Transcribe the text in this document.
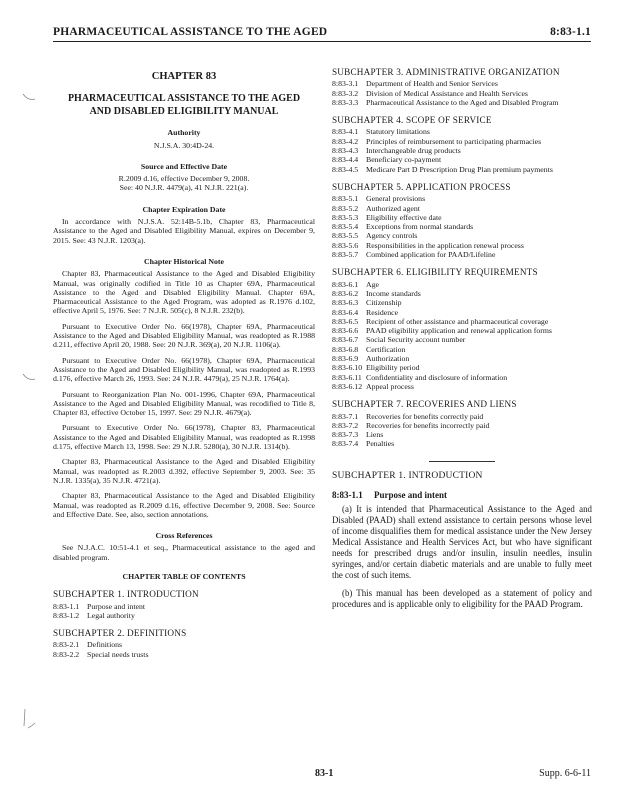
PHARMACEUTICAL ASSISTANCE TO THE AGED	8:83-1.1
CHAPTER 83
PHARMACEUTICAL ASSISTANCE TO THE AGED
AND DISABLED ELIGIBILITY MANUAL
Authority
N.J.S.A. 30:4D-24.
Source and Effective Date
R.2009 d.16, effective December 9, 2008.
See: 40 N.J.R. 4479(a), 41 N.J.R. 221(a).
Chapter Expiration Date

In accordance with N.J.S.A. 52:14B-5.1b, Chapter 83, Pharmaceutical Assistance to the Aged and Disabled Eligibility Manual, expires on December 9, 2015. See: 43 N.J.R. 1203(a).

Chapter Historical Note

Chapter 83, Pharmaceutical Assistance to the Aged and Disabled Eligibility Manual, was originally codified in Title 10 as Chapter 69A, Pharmaceutical Assistance to the Aged and Disabled Eligibility Manual. Chapter 69A, Pharmaceutical Assistance to the Aged Program, was adopted as R.1976 d.102, effective April 5, 1976. See: 7 N.J.R. 505(c), 8 N.J.R. 232(b).

Pursuant to Executive Order No. 66(1978), Chapter 69A, Pharmaceutical Assistance to the Aged and Disabled Eligibility Manual, was readopted as R.1988 d.211, effective April 20, 1988. See: 20 N.J.R. 369(a), 20 N.J.R. 1106(a).

Pursuant to Executive Order No. 66(1978), Chapter 69A, Pharmaceutical Assistance to the Aged and Disabled Eligibility Manual, was readopted as R.1993 d.176, effective March 26, 1993. See: 24 N.J.R. 4479(a), 25 N.J.R. 1764(a).

Pursuant to Reorganization Plan No. 001-1996, Chapter 69A, Pharmaceutical Assistance to the Aged and Disabled Eligibility Manual, was recodified to Title 8, Chapter 83, effective October 15, 1997. See: 29 N.J.R. 4679(a).

Pursuant to Executive Order No. 66(1978), Chapter 83, Pharmaceutical Assistance to the Aged and Disabled Eligibility Manual, was readopted as R.1998 d.175, effective March 13, 1998. See: 29 N.J.R. 5280(a), 30 N.J.R. 1314(b).

Chapter 83, Pharmaceutical Assistance to the Aged and Disabled Eligibility Manual, was readopted as R.2003 d.392, effective September 9, 2003. See: 35 N.J.R. 1335(a), 35 N.J.R. 4721(a).

Chapter 83, Pharmaceutical Assistance to the Aged and Disabled Eligibility Manual, was readopted as R.2009 d.16, effective December 9, 2008. See: Source and Effective Date. See, also, section annotations.

Cross References

See N.J.A.C. 10:51-4.1 et seq., Pharmaceutical assistance to the aged and disabled program.

CHAPTER TABLE OF CONTENTS
SUBCHAPTER 1. INTRODUCTION
8:83-1.1 Purpose and intent
8:83-1.2 Legal authority
SUBCHAPTER 2. DEFINITIONS
8:83-2.1 Definitions
8:83-2.2 Special needs trusts
SUBCHAPTER 3. ADMINISTRATIVE ORGANIZATION
8:83-3.1 Department of Health and Senior Services
8:83-3.2 Division of Medical Assistance and Health Services
8:83-3.3 Pharmaceutical Assistance to the Aged and Disabled Program
SUBCHAPTER 4. SCOPE OF SERVICE
8:83-4.1 Statutory limitations
8:83-4.2 Principles of reimbursement to participating pharmacies
8:83-4.3 Interchangeable drug products
8:83-4.4 Beneficiary co-payment
8:83-4.5 Medicare Part D Prescription Drug Plan premium payments
SUBCHAPTER 5. APPLICATION PROCESS
8:83-5.1 General provisions
8:83-5.2 Authorized agent
8:83-5.3 Eligibility effective date
8:83-5.4 Exceptions from normal standards
8:83-5.5 Agency controls
8:83-5.6 Responsibilities in the application renewal process
8:83-5.7 Combined application for PAAD/Lifeline
SUBCHAPTER 6. ELIGIBILITY REQUIREMENTS
8:83-6.1 Age
8:83-6.2 Income standards
8:83-6.3 Citizenship
8:83-6.4 Residence
8:83-6.5 Recipient of other assistance and pharmaceutical coverage
8:83-6.6 PAAD eligibility application and renewal application forms
8:83-6.7 Social Security account number
8:83-6.8 Certification
8:83-6.9 Authorization
8:83-6.10 Eligibility period
8:83-6.11 Confidentiality and disclosure of information
8:83-6.12 Appeal process
SUBCHAPTER 7. RECOVERIES AND LIENS
8:83-7.1 Recoveries for benefits correctly paid
8:83-7.2 Recoveries for benefits incorrectly paid
8:83-7.3 Liens
8:83-7.4 Penalties
SUBCHAPTER 1. INTRODUCTION
8:83-1.1 Purpose and intent

(a) It is intended that Pharmaceutical Assistance to the Aged and Disabled (PAAD) shall extend assistance to certain persons whose level of income disqualifies them for medical assistance under the New Jersey Medical Assistance and Health Services Act, but who have significant needs for prescribed drugs and/or insulin, insulin needles, insulin syringes, and/or certain diabetic materials and are unable to fully meet the cost of such items.

(b) This manual has been developed as a statement of policy and procedures and is applicable only to eligibility for the PAAD Program.

83-1	Supp. 6-6-11
